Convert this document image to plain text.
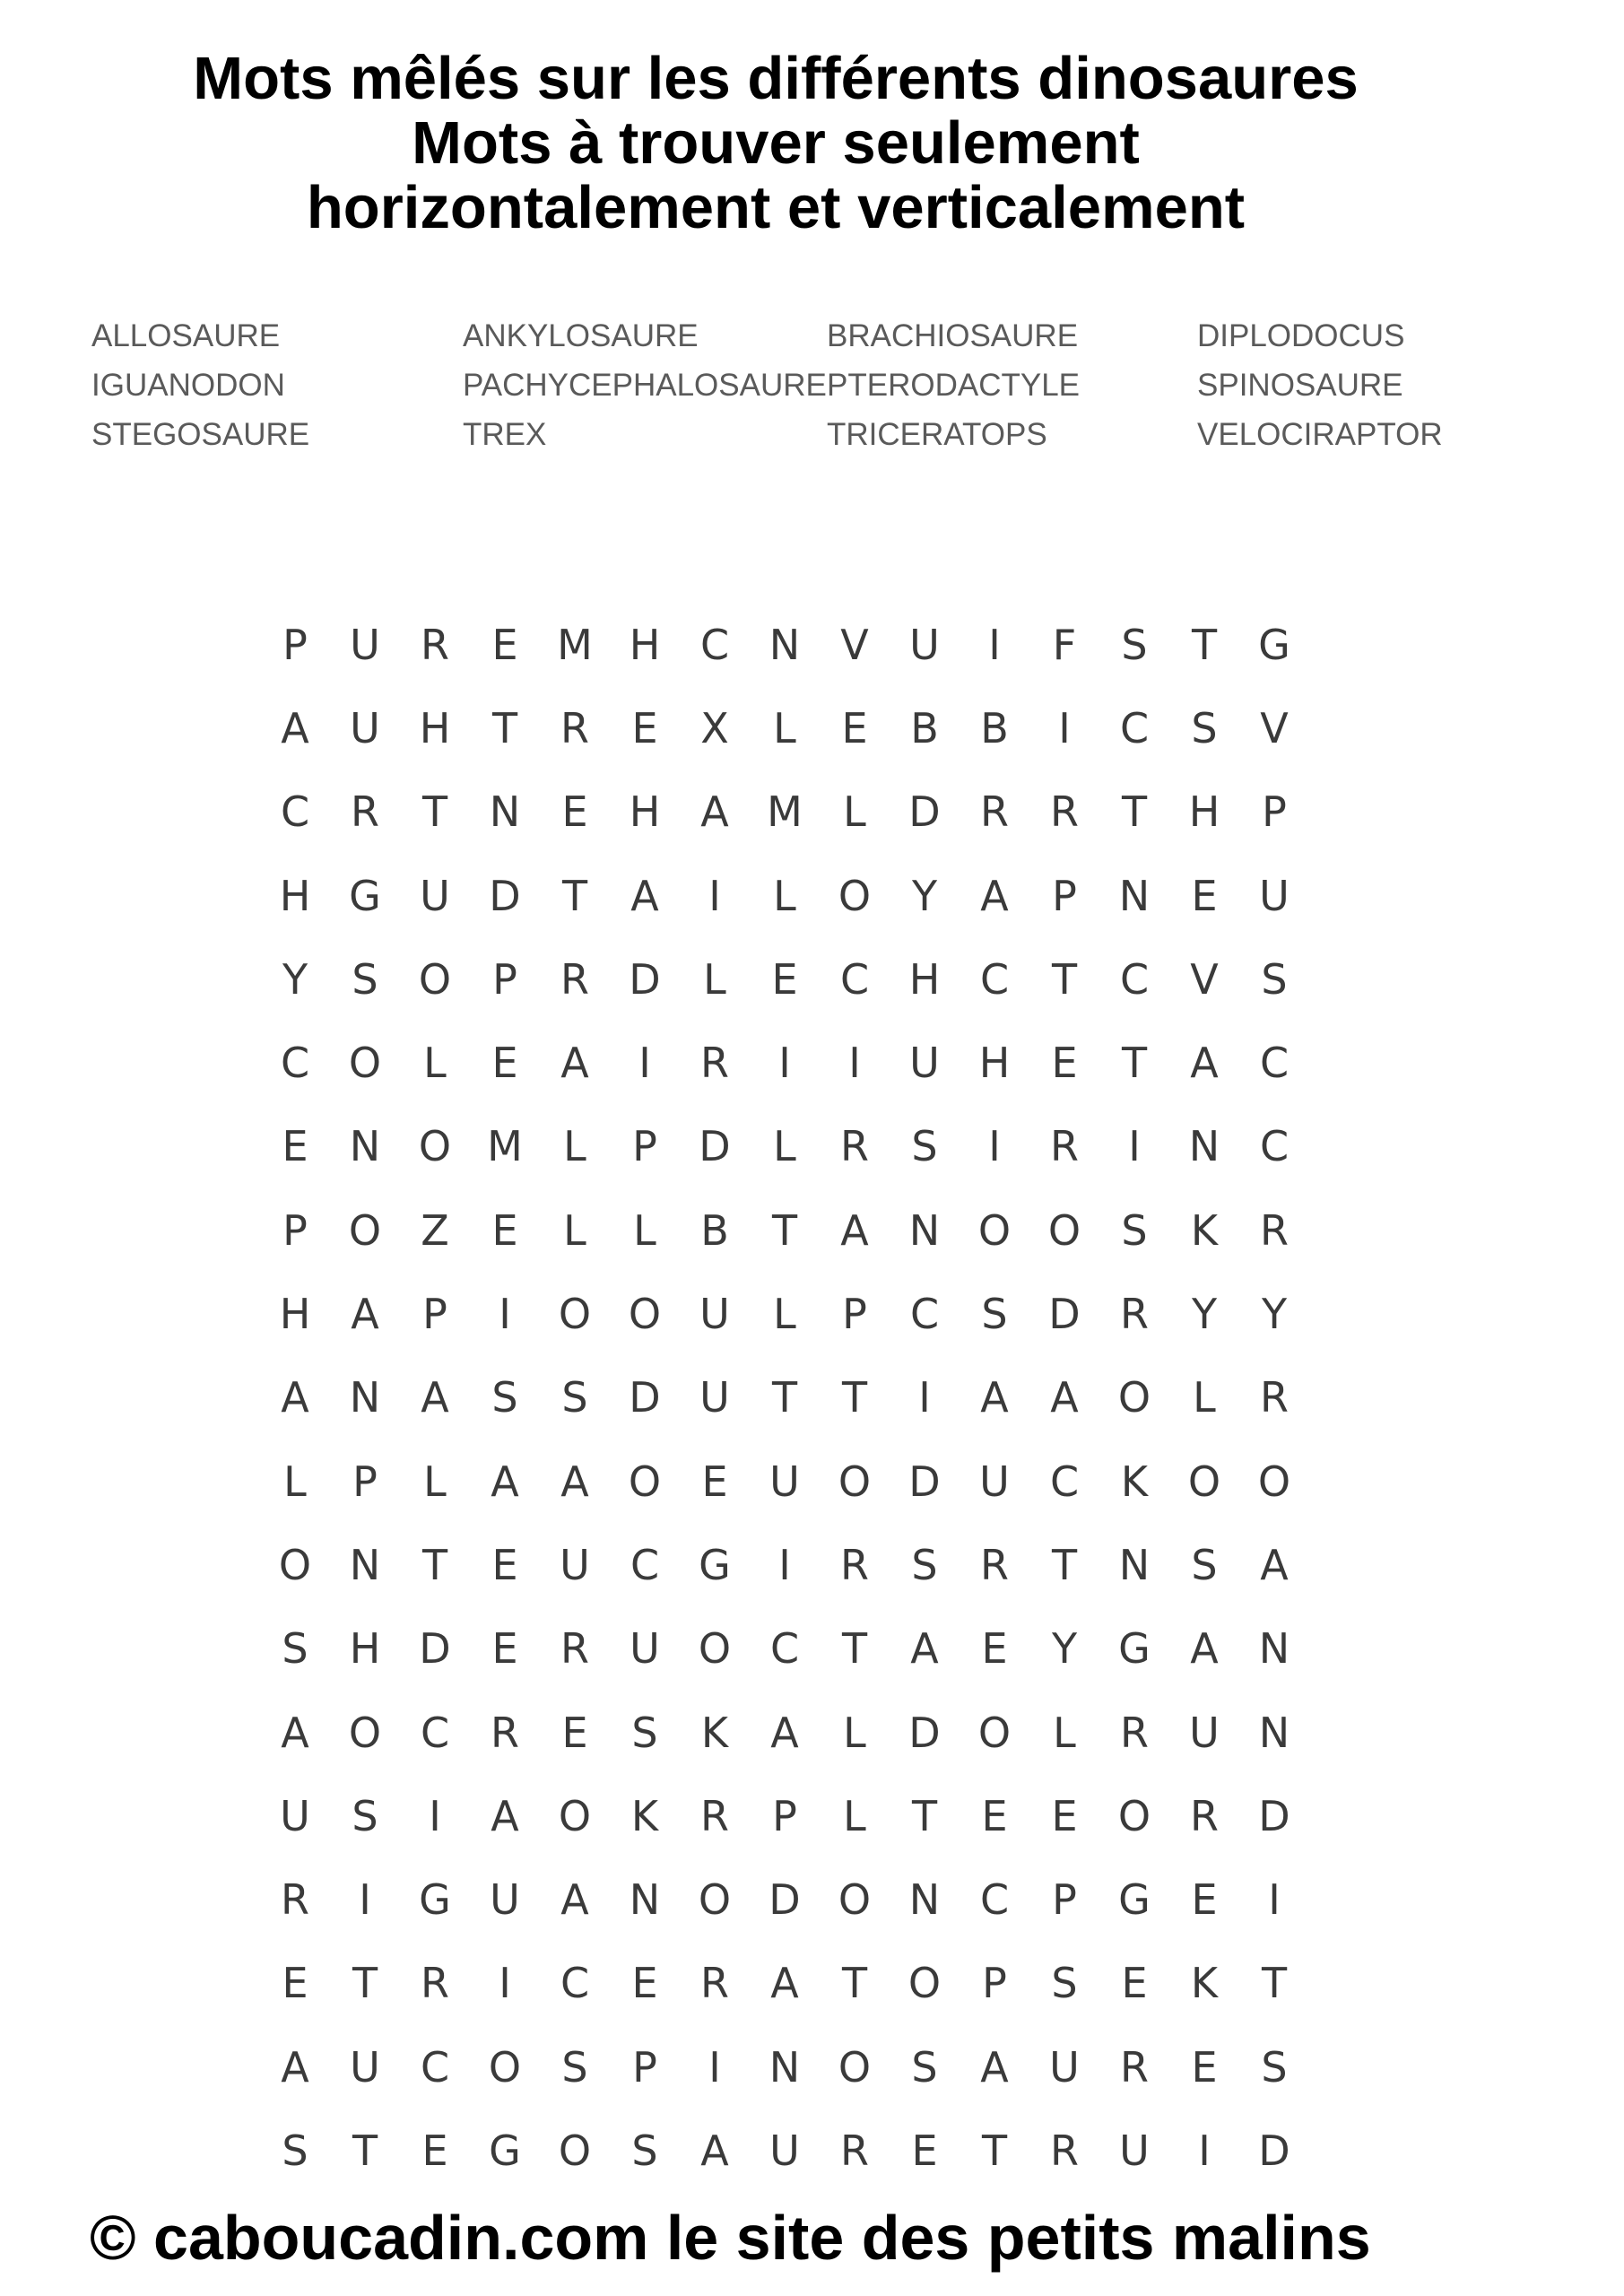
Mots mêlés sur les différents dinosaures
Mots à trouver seulement
horizontalement et verticalement
ALLOSAURE
IGUANODON
STEGOSAURE
ANKYLOSAURE
PACHYCEPHALOSAURE
TREX
BRACHIOSAURE
PTERODACTYLE
TRICERATOPS
DIPLODOCUS
SPINOSAURE
VELOCIRAPTOR
P	U R	E M H C N V U	I	F	S	T	G
A U H	T	R	E	X	L	E	B	B	I	C	S	V
C R	T	N	E	H A M L	D R	R	T	H	P
H G U D	T	A	I	L	O Y	A	P	N	E	U
Y	S O	P	R D	L	E	C H C	T	C	V	S
C O	L	E	A	I	R	I	I	U H	E	T	A	C
E	N O M L	P	D	L	R	S	I	R	I	N C
P	O Z	E	L	L	B	T	A N O O S	K	R
H A	P	I	O O U	L	P	C	S D R	Y	Y
A N A	S	S D U	T	T	I	A	A O	L	R
L	P	L	A	A O E	U O D U C	K O O
O N	T	E	U C G	I	R	S	R	T	N	S	A
S	H D E	R U O C	T	A	E	Y	G A N
A O C R	E	S	K	A	L	D O	L	R U N
U	S	I	A O K	R	P	L	T	E	E O R D
R	I	G U A N O D O N C	P	G E	I
E	T	R	I	C	E	R	A	T O	P	S	E	K	T
A U C O S	P	I	N O S	A U R	E	S
S	T	E G O S	A U R	E	T	R U	I	D
© caboucadin.com le site des petits malins
